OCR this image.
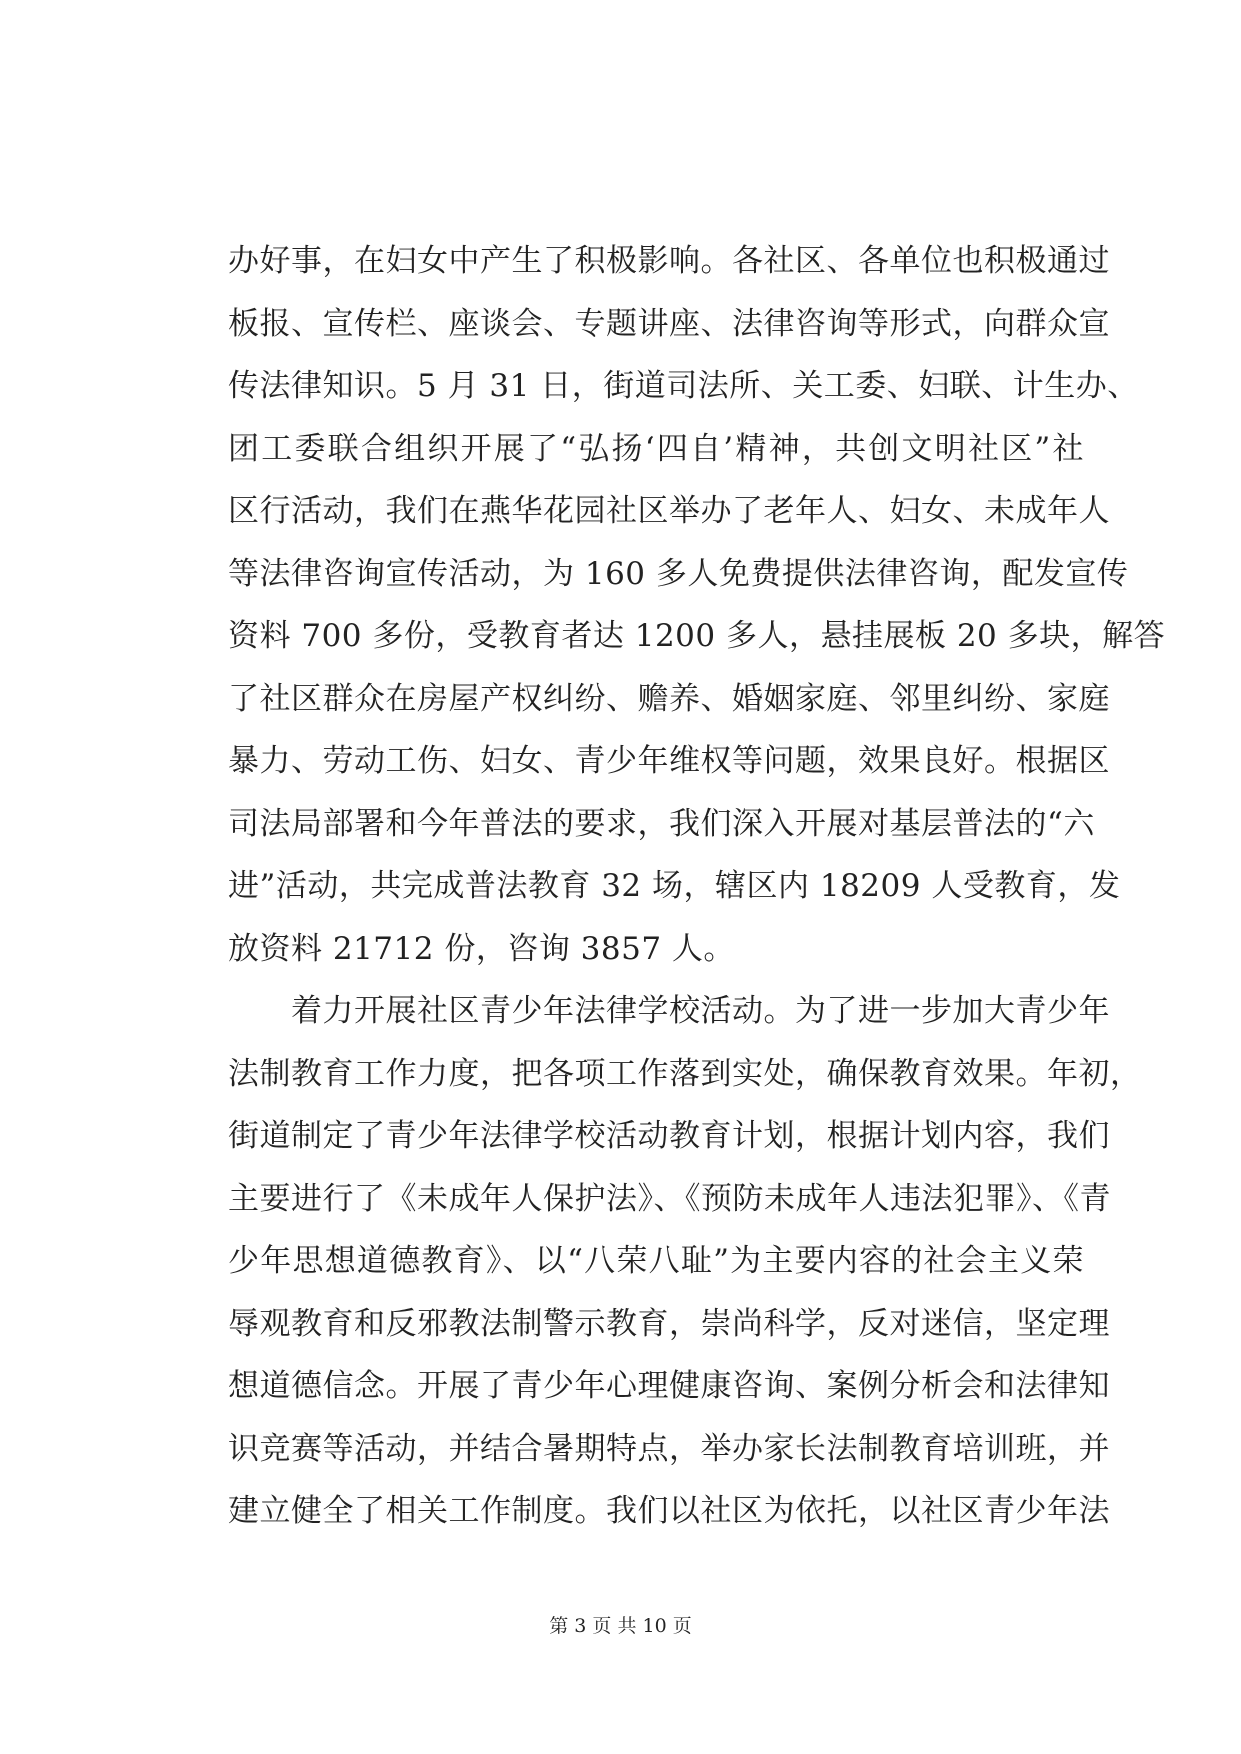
办好事，在妇女中产生了积极影响。各社区、各单位也积极通过
板报、宣传栏、座谈会、专题讲座、法律咨询等形式，向群众宣
传法律知识。5 月 31 日，街道司法所、关工委、妇联、计生办、
团工委联合组织开展了“弘扬‘四自’精神，共创文明社区”社
区行活动，我们在燕华花园社区举办了老年人、妇女、未成年人
等法律咨询宣传活动，为 160 多人免费提供法律咨询，配发宣传
资料 700 多份，受教育者达 1200 多人，悬挂展板 20 多块，解答
了社区群众在房屋产权纠纷、赡养、婚姻家庭、邻里纠纷、家庭
暴力、劳动工伤、妇女、青少年维权等问题，效果良好。根据区
司法局部署和今年普法的要求，我们深入开展对基层普法的“六
进”活动，共完成普法教育 32 场，辖区内 18209 人受教育，发
放资料 21712 份，咨询 3857 人。
　　着力开展社区青少年法律学校活动。为了进一步加大青少年
法制教育工作力度，把各项工作落到实处，确保教育效果。年初，
街道制定了青少年法律学校活动教育计划，根据计划内容，我们
主要进行了《未成年人保护法》、《预防未成年人违法犯罪》、《青
少年思想道德教育》、以“八荣八耻”为主要内容的社会主义荣
辱观教育和反邪教法制警示教育，崇尚科学，反对迷信，坚定理
想道德信念。开展了青少年心理健康咨询、案例分析会和法律知
识竞赛等活动，并结合暑期特点，举办家长法制教育培训班，并
建立健全了相关工作制度。我们以社区为依托，以社区青少年法
第 3 页 共 10 页
